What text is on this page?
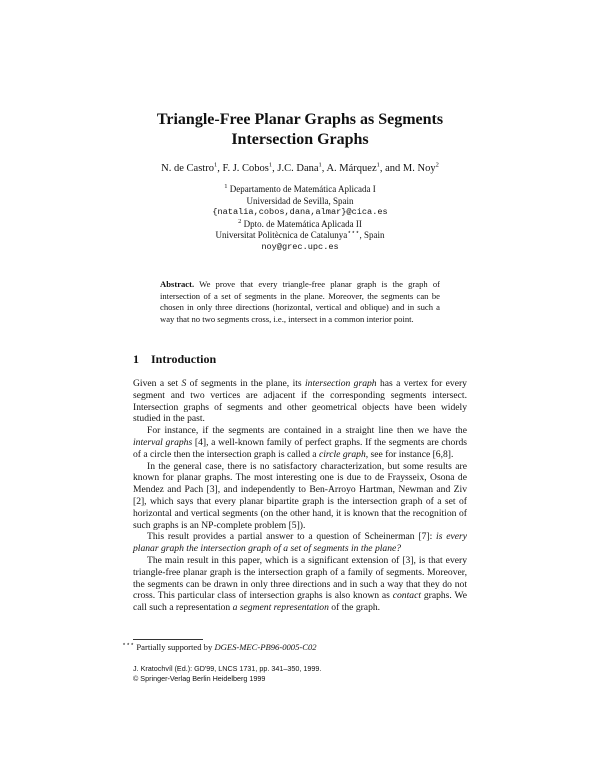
Triangle-Free Planar Graphs as Segments
Intersection Graphs
N. de Castro$^1$, F. J. Cobos$^1$, J.C. Dana$^1$, A. Márquez$^1$, and M. Noy$^2$
$^1$ Departamento de Matemática Aplicada I
Universidad de Sevilla, Spain
{natalia,cobos,dana,almar}@cica.es
$^2$ Dpto. de Matemática Aplicada II
Universitat Politècnica de Catalunya⋆⋆⋆, Spain
noy@grec.upc.es
Abstract. We prove that every triangle-free planar graph is the graph of intersection of a set of segments in the plane. Moreover, the segments can be chosen in only three directions (horizontal, vertical and oblique) and in such a way that no two segments cross, i.e., intersect in a common interior point.
1 Introduction

Given a set S of segments in the plane, its intersection graph has a vertex for every segment and two vertices are adjacent if the corresponding segments intersect. Intersection graphs of segments and other geometrical objects have been widely studied in the past.

For instance, if the segments are contained in a straight line then we have the interval graphs [4], a well-known family of perfect graphs. If the segments are chords of a circle then the intersection graph is called a circle graph, see for instance [6,8].

In the general case, there is no satisfactory characterization, but some results are known for planar graphs. The most interesting one is due to de Fraysseix, Osona de Mendez and Pach [3], and independently to Ben-Arroyo Hartman, Newman and Ziv [2], which says that every planar bipartite graph is the intersection graph of a set of horizontal and vertical segments (on the other hand, it is known that the recognition of such graphs is an NP-complete problem [5]).

This result provides a partial answer to a question of Scheinerman [7]: is every planar graph the intersection graph of a set of segments in the plane?

The main result in this paper, which is a significant extension of [3], is that every triangle-free planar graph is the intersection graph of a family of segments. Moreover, the segments can be drawn in only three directions and in such a way that they do not cross. This particular class of intersection graphs is also known as contact graphs. We call such a representation a segment representation of the graph.

⋆⋆⋆ Partially supported by DGES-MEC-PB96-0005-C02
J. Kratochvíl (Ed.): GD'99, LNCS 1731, pp. 341–350, 1999.
© Springer-Verlag Berlin Heidelberg 1999
